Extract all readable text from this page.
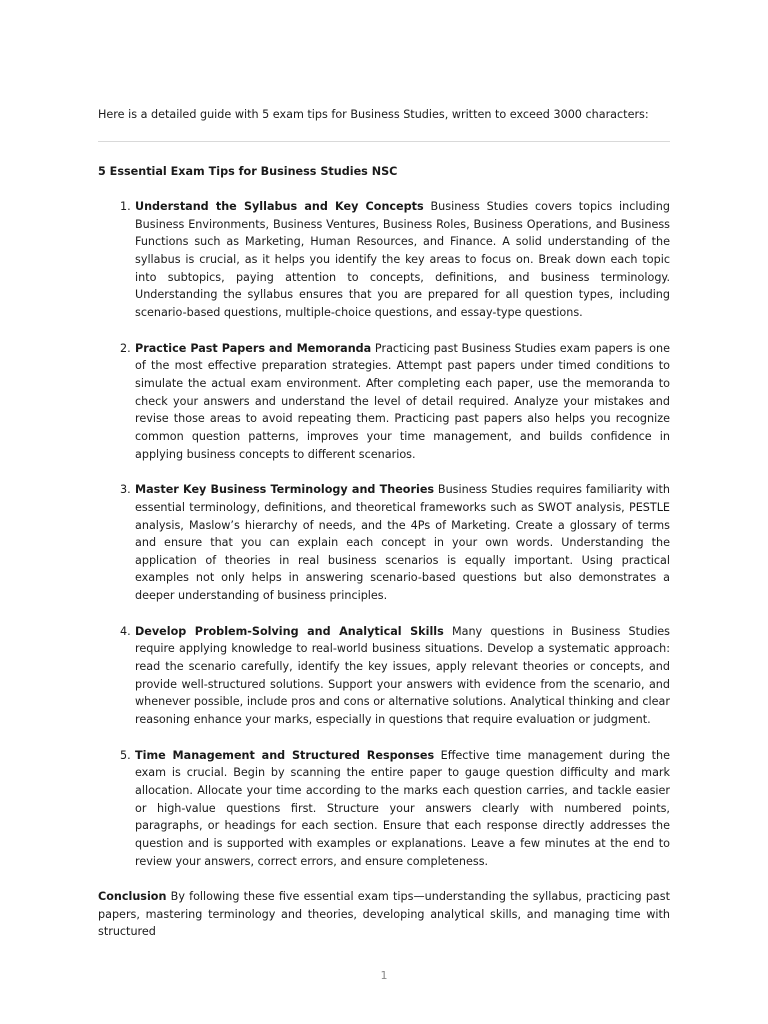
Here is a detailed guide with 5 exam tips for Business Studies, written to exceed 3000 characters:

5 Essential Exam Tips for Business Studies NSC

1. Understand the Syllabus and Key Concepts Business Studies covers topics including Business Environments, Business Ventures, Business Roles, Business Operations, and Business Functions such as Marketing, Human Resources, and Finance. A solid understanding of the syllabus is crucial, as it helps you identify the key areas to focus on. Break down each topic into subtopics, paying attention to concepts, definitions, and business terminology. Understanding the syllabus ensures that you are prepared for all question types, including scenario-based questions, multiple-choice questions, and essay-type questions.
2. Practice Past Papers and Memoranda Practicing past Business Studies exam papers is one of the most effective preparation strategies. Attempt past papers under timed conditions to simulate the actual exam environment. After completing each paper, use the memoranda to check your answers and understand the level of detail required. Analyze your mistakes and revise those areas to avoid repeating them. Practicing past papers also helps you recognize common question patterns, improves your time management, and builds confidence in applying business concepts to different scenarios.
3. Master Key Business Terminology and Theories Business Studies requires familiarity with essential terminology, definitions, and theoretical frameworks such as SWOT analysis, PESTLE analysis, Maslow’s hierarchy of needs, and the 4Ps of Marketing. Create a glossary of terms and ensure that you can explain each concept in your own words. Understanding the application of theories in real business scenarios is equally important. Using practical examples not only helps in answering scenario-based questions but also demonstrates a deeper understanding of business principles.
4. Develop Problem-Solving and Analytical Skills Many questions in Business Studies require applying knowledge to real-world business situations. Develop a systematic approach: read the scenario carefully, identify the key issues, apply relevant theories or concepts, and provide well-structured solutions. Support your answers with evidence from the scenario, and whenever possible, include pros and cons or alternative solutions. Analytical thinking and clear reasoning enhance your marks, especially in questions that require evaluation or judgment.
5. Time Management and Structured Responses Effective time management during the exam is crucial. Begin by scanning the entire paper to gauge question difficulty and mark allocation. Allocate your time according to the marks each question carries, and tackle easier or high-value questions first. Structure your answers clearly with numbered points, paragraphs, or headings for each section. Ensure that each response directly addresses the question and is supported with examples or explanations. Leave a few minutes at the end to review your answers, correct errors, and ensure completeness.

Conclusion By following these five essential exam tips—understanding the syllabus, practicing past papers, mastering terminology and theories, developing analytical skills, and managing time with structured

1
